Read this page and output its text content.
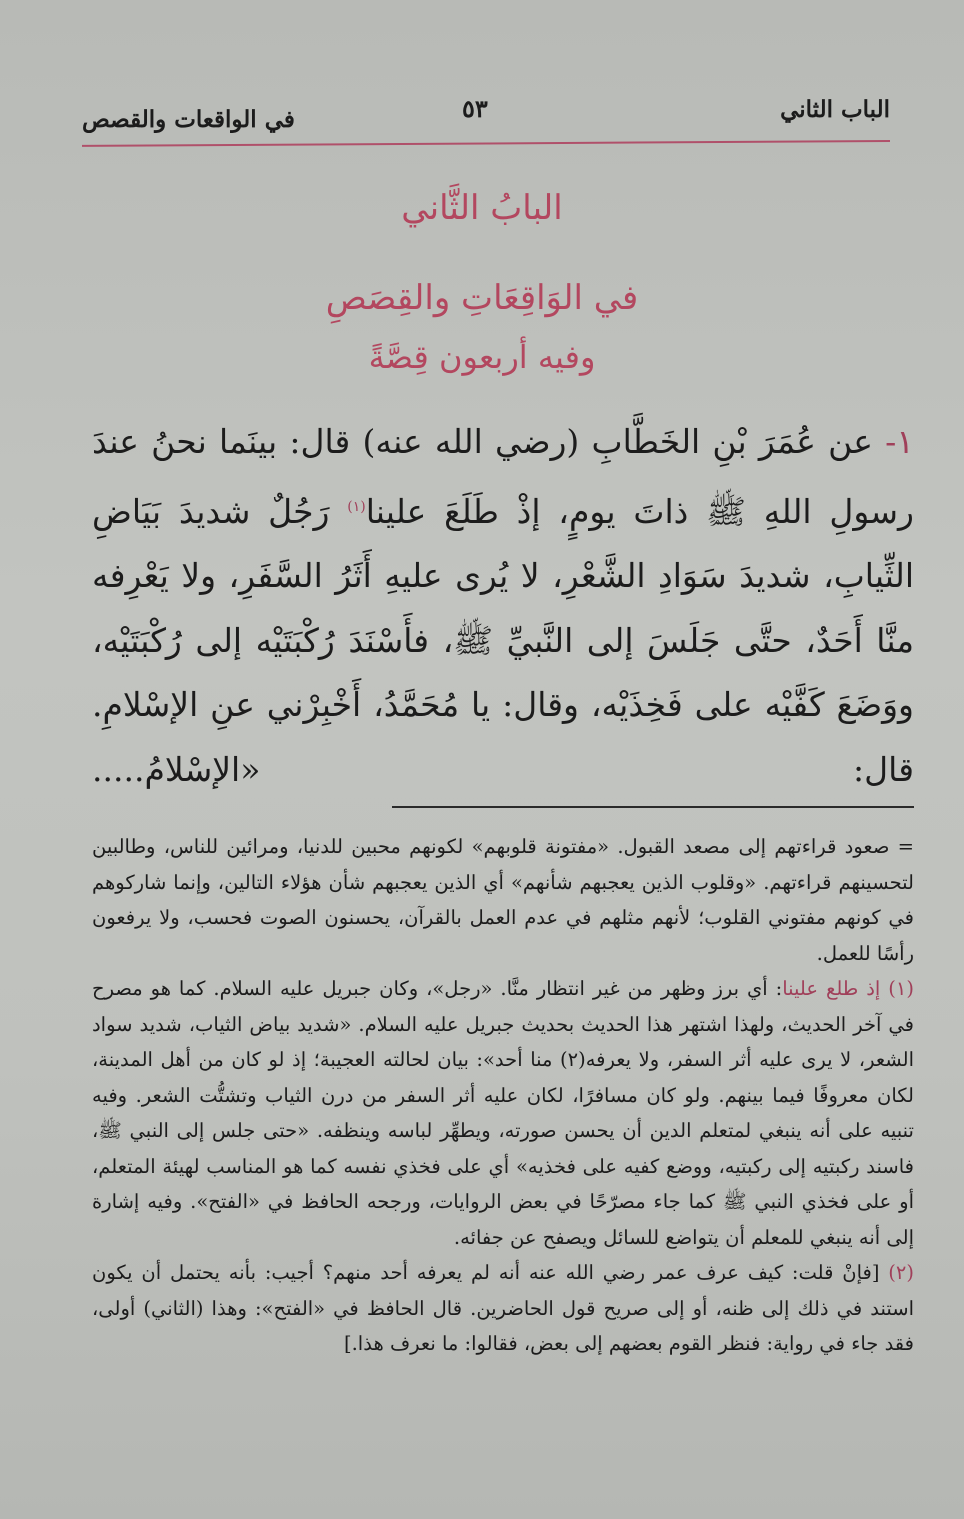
الباب الثاني
٥٣
في الواقعات والقصص
البابُ الثَّاني
في الوَاقِعَاتِ والقِصَصِ
وفيه أربعون قِصَّةً
١- عن عُمَرَ بْنِ الخَطَّابِ (رضي الله عنه) قال: بينَما نحنُ عندَ رسولِ اللهِ ﷺ ذاتَ يومٍ، إذْ طَلَعَ علينا$^{(١)}$ رَجُلٌ شديدَ بَيَاضِ الثِّيابِ، شديدَ سَوَادِ الشَّعْرِ، لا يُرى عليهِ أَثَرُ السَّفَرِ، ولا يَعْرِفه منَّا أَحَدٌ، حتَّى جَلَسَ إلى النَّبيِّ ﷺ، فأَسْنَدَ رُكْبَتَيْه إلى رُكْبَتَيْه، ووَضَعَ كَفَّيْه على فَخِذَيْه، وقال: يا مُحَمَّدُ، أَخْبِرْني عنِ الإسْلامِ. قال: «الإسْلامُ.....

= صعود قراءتهم إلى مصعد القبول. «مفتونة قلوبهم» لكونهم محبين للدنيا، ومرائين للناس، وطالبين لتحسينهم قراءتهم. «وقلوب الذين يعجبهم شأنهم» أي الذين يعجبهم شأن هؤلاء التالين، وإنما شاركوهم في كونهم مفتوني القلوب؛ لأنهم مثلهم في عدم العمل بالقرآن، يحسنون الصوت فحسب، ولا يرفعون رأسًا للعمل.

(١) إذ طلع علينا: أي برز وظهر من غير انتظار منَّا. «رجل»، وكان جبريل عليه السلام. كما هو مصرح في آخر الحديث، ولهذا اشتهر هذا الحديث بحديث جبريل عليه السلام. «شديد بياض الثياب، شديد سواد الشعر، لا يرى عليه أثر السفر، ولا يعرفه(٢) منا أحد»: بيان لحالته العجيبة؛ إذ لو كان من أهل المدينة، لكان معروفًا فيما بينهم. ولو كان مسافرًا، لكان عليه أثر السفر من درن الثياب وتشتُّت الشعر. وفيه تنبيه على أنه ينبغي لمتعلم الدين أن يحسن صورته، ويطهِّر لباسه وينظفه. «حتى جلس إلى النبي ﷺ، فاسند ركبتيه إلى ركبتيه، ووضع كفيه على فخذيه» أي على فخذي نفسه كما هو المناسب لهيئة المتعلم، أو على فخذي النبي ﷺ كما جاء مصرّحًا في بعض الروايات، ورجحه الحافظ في «الفتح». وفيه إشارة إلى أنه ينبغي للمعلم أن يتواضع للسائل ويصفح عن جفائه.

(٢) [فإنْ قلت: كيف عرف عمر رضي الله عنه أنه لم يعرفه أحد منهم؟ أجيب: بأنه يحتمل أن يكون استند في ذلك إلى ظنه، أو إلى صريح قول الحاضرين. قال الحافظ في «الفتح»: وهذا (الثاني) أولى، فقد جاء في رواية: فنظر القوم بعضهم إلى بعض، فقالوا: ما نعرف هذا.]
